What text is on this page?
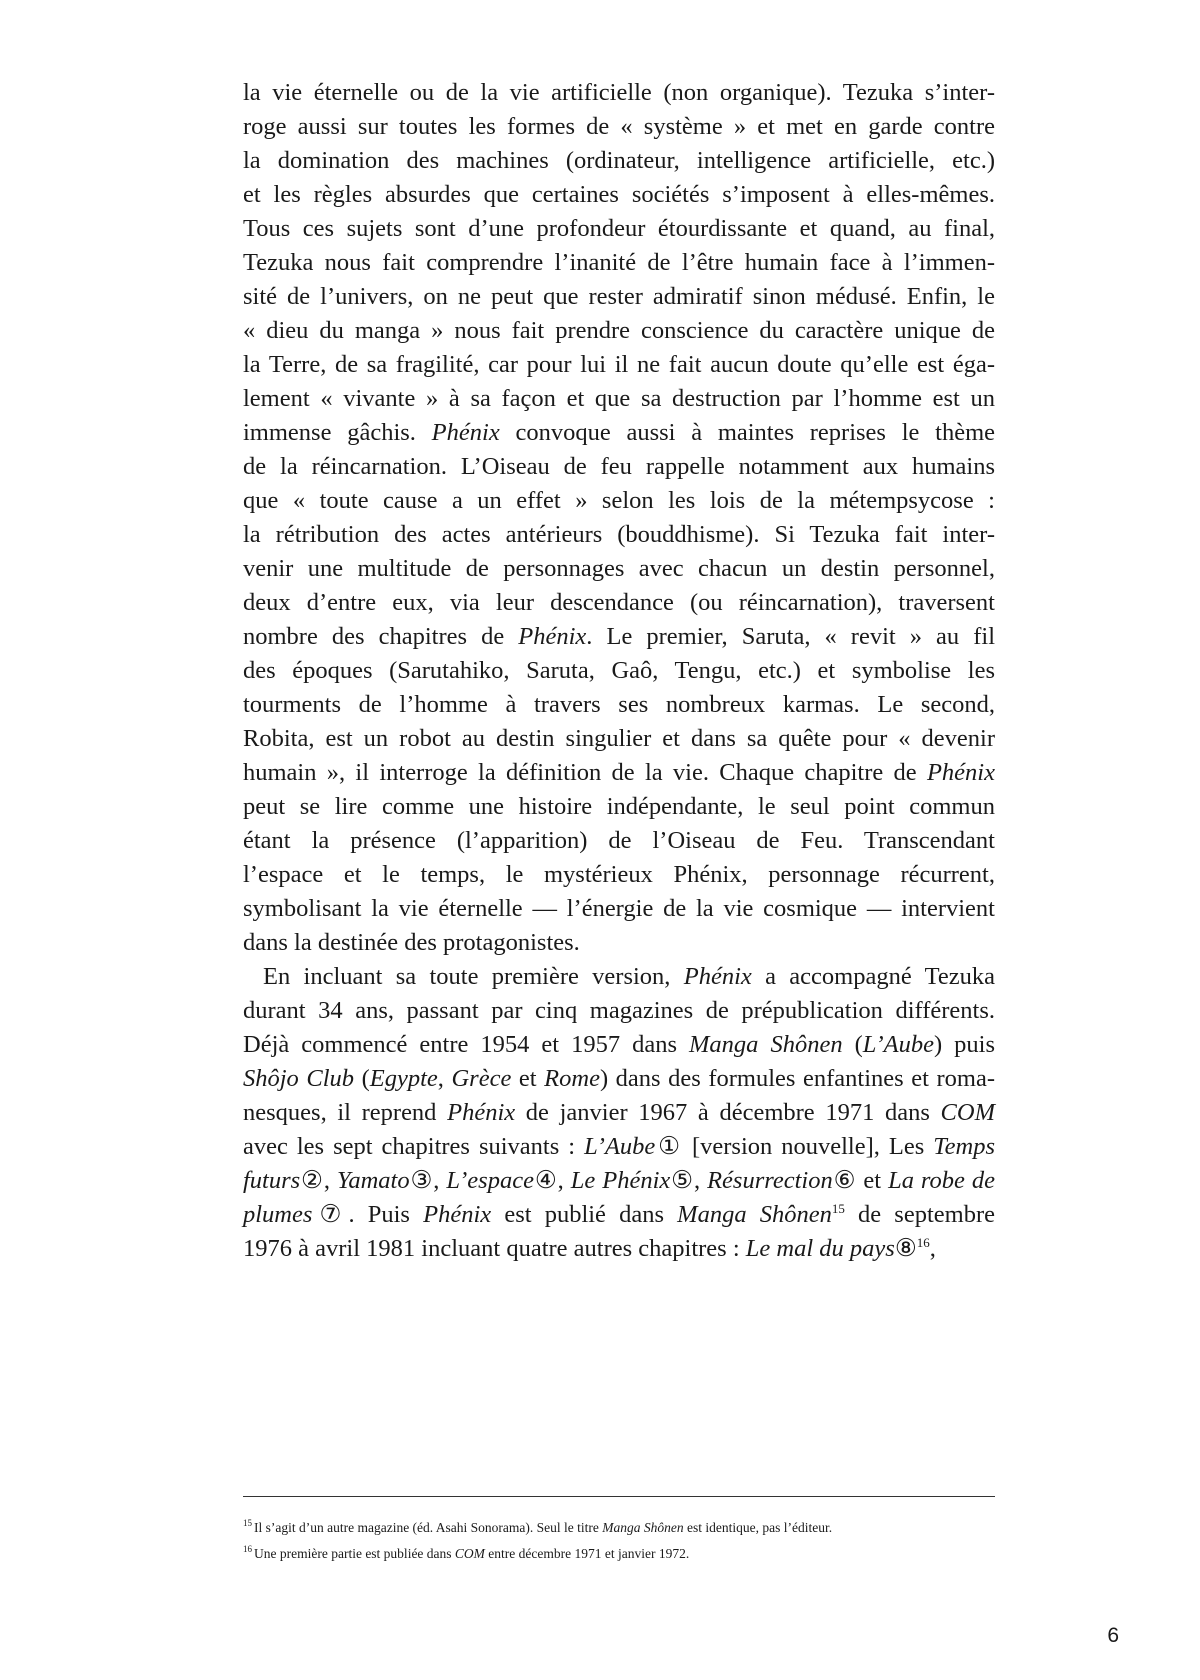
la vie éternelle ou de la vie artificielle (non organique). Tezuka s’inter-
roge aussi sur toutes les formes de « système » et met en garde contre
la domination des machines (ordinateur, intelligence artificielle, etc.)
et les règles absurdes que certaines sociétés s’imposent à elles-mêmes.
Tous ces sujets sont d’une profondeur étourdissante et quand, au final,
Tezuka nous fait comprendre l’inanité de l’être humain face à l’immen-
sité de l’univers, on ne peut que rester admiratif sinon médusé. Enfin, le
« dieu du manga » nous fait prendre conscience du caractère unique de
la Terre, de sa fragilité, car pour lui il ne fait aucun doute qu’elle est éga-
lement « vivante » à sa façon et que sa destruction par l’homme est un
immense gâchis. Phénix convoque aussi à maintes reprises le thème
de la réincarnation. L’Oiseau de feu rappelle notamment aux humains
que « toute cause a un effet » selon les lois de la métempsycose :
la rétribution des actes antérieurs (bouddhisme). Si Tezuka fait inter-
venir une multitude de personnages avec chacun un destin personnel,
deux d’entre eux, via leur descendance (ou réincarnation), traversent
nombre des chapitres de Phénix. Le premier, Saruta, « revit » au fil
des époques (Sarutahiko, Saruta, Gaô, Tengu, etc.) et symbolise les
tourments de l’homme à travers ses nombreux karmas. Le second,
Robita, est un robot au destin singulier et dans sa quête pour « devenir
humain », il interroge la définition de la vie. Chaque chapitre de Phénix
peut se lire comme une histoire indépendante, le seul point commun
étant la présence (l’apparition) de l’Oiseau de Feu. Transcendant
l’espace et le temps, le mystérieux Phénix, personnage récurrent,
symbolisant la vie éternelle — l’énergie de la vie cosmique — intervient
dans la destinée des protagonistes.
En incluant sa toute première version, Phénix a accompagné Tezuka
durant 34 ans, passant par cinq magazines de prépublication différents.
Déjà commencé entre 1954 et 1957 dans Manga Shônen (L’Aube) puis
Shôjo Club (Egypte, Grèce et Rome) dans des formules enfantines et roma-
nesques, il reprend Phénix de janvier 1967 à décembre 1971 dans COM
avec les sept chapitres suivants : L’Aube① [version nouvelle], Les Temps
futurs②, Yamato③, L’espace④, Le Phénix⑤, Résurrection⑥ et La robe de
plumes⑦. Puis Phénix est publié dans Manga Shônen$^{15}$ de septembre
1976 à avril 1981 incluant quatre autres chapitres : Le mal du pays⑧$^{16}$,
$^{15}$ Il s’agit d’un autre magazine (éd. Asahi Sonorama). Seul le titre Manga Shônen est identique, pas l’éditeur.
$^{16}$ Une première partie est publiée dans COM entre décembre 1971 et janvier 1972.
6
